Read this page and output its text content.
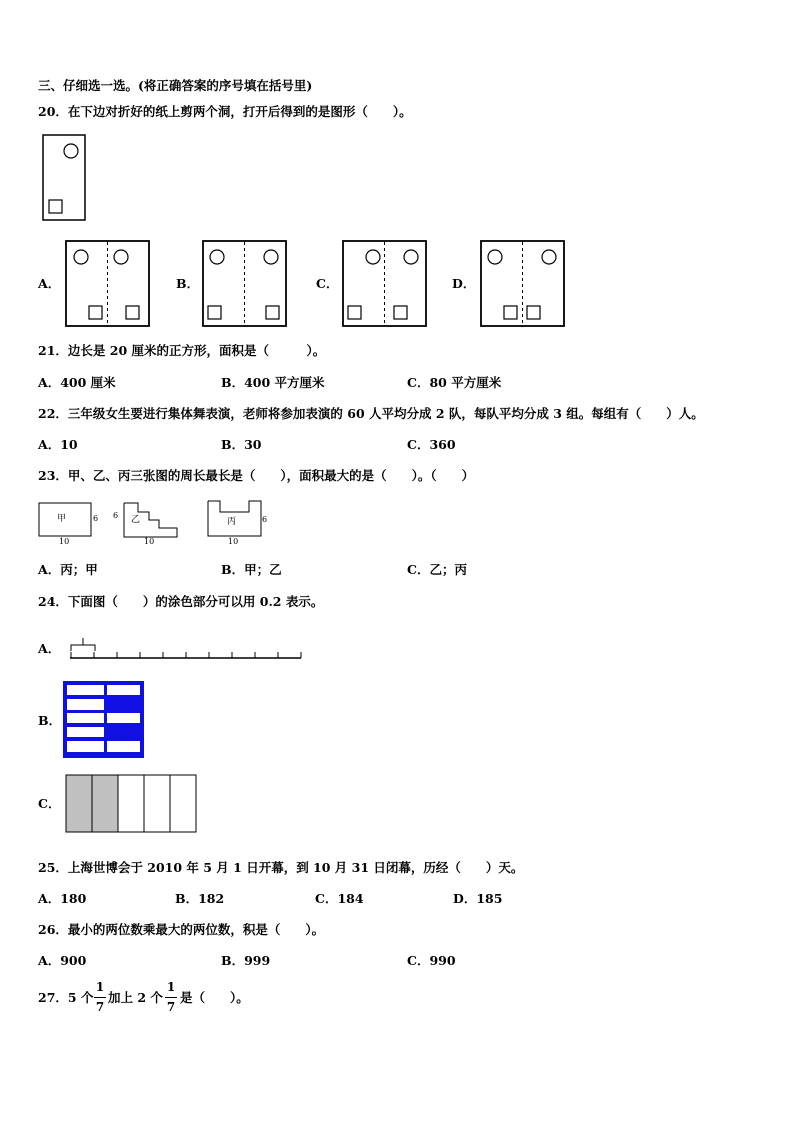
三、仔细选一选。(将正确答案的序号填在括号里)
20．在下边对折好的纸上剪两个洞，打开后得到的是图形（　　）。
A．	B．	C．	D．
21．边长是 20 厘米的正方形，面积是（　　　）。
A．400 厘米	B．400 平方厘米	C．80 平方厘米
22．三年级女生要进行集体舞表演，老师将参加表演的 60 人平均分成 2 队，每队平均分成 3 组。每组有（　　）人。
A．10	B．30	C．360
23．甲、乙、丙三张图的周长最长是（　　），面积最大的是（　　）。（　　）
甲	6
10
乙
6
10
丙	6
10
A．丙；甲	B．甲；乙	C．乙；丙
24．下面图（　　）的涂色部分可以用 0.2 表示。
A．
B．
C．
25．上海世博会于 2010 年 5 月 1 日开幕，到 10 月 31 日闭幕，历经（　　）天。
A．180	B．182	C．184	D．185
26．最小的两位数乘最大的两位数，积是（　　）。
A．900	B．999	C．990
27．5 个
1
7
加上 2 个
1
7
是（　　）。
